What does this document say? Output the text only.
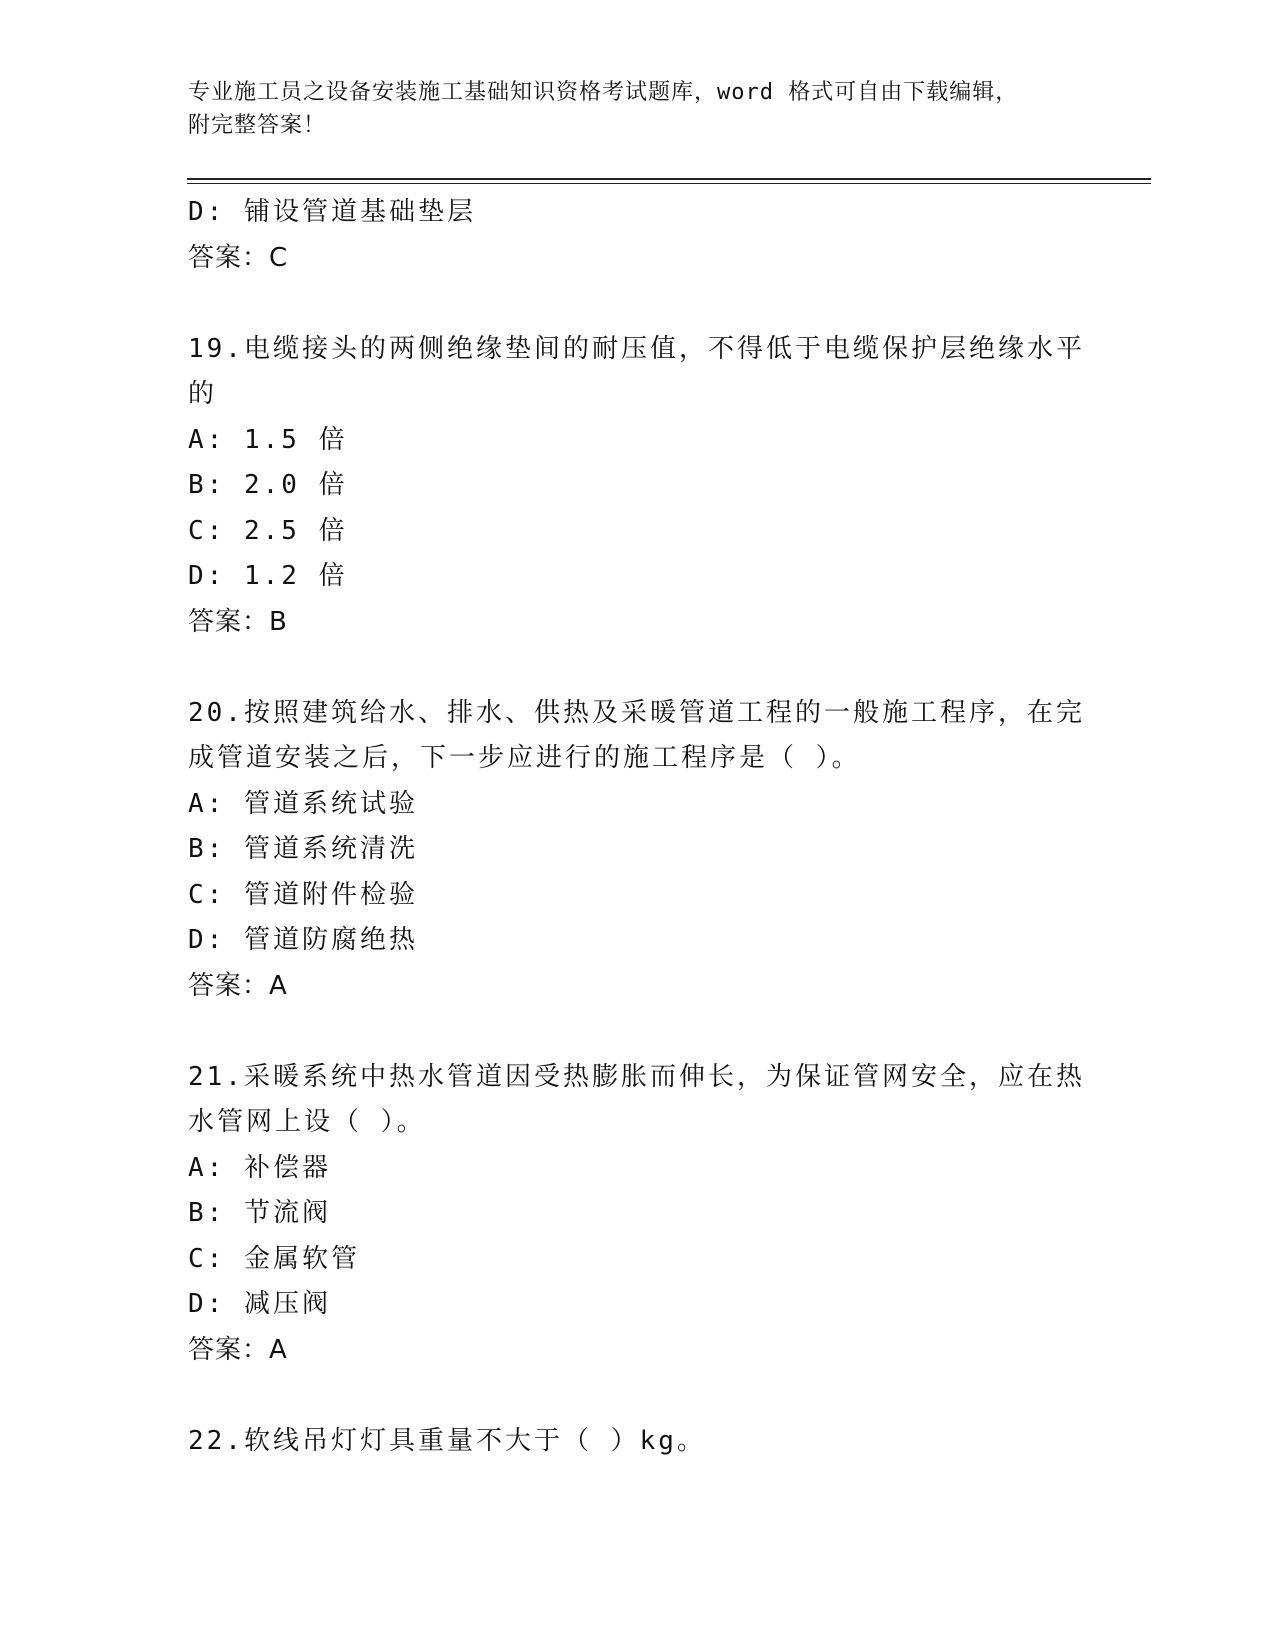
专业施工员之设备安装施工基础知识资格考试题库，word 格式可自由下载编辑，
附完整答案！
D: 铺设管道基础垫层
答案：C
19.电缆接头的两侧绝缘垫间的耐压值，不得低于电缆保护层绝缘水平
的
A: 1.5 倍
B: 2.0 倍
C: 2.5 倍
D: 1.2 倍
答案：B
20.按照建筑给水、排水、供热及采暖管道工程的一般施工程序，在完
成管道安装之后，下一步应进行的施工程序是（ ）。
A: 管道系统试验
B: 管道系统清洗
C: 管道附件检验
D: 管道防腐绝热
答案：A
21.采暖系统中热水管道因受热膨胀而伸长，为保证管网安全，应在热
水管网上设（ ）。
A: 补偿器
B: 节流阀
C: 金属软管
D: 减压阀
答案：A
22.软线吊灯灯具重量不大于（ ）kg。
